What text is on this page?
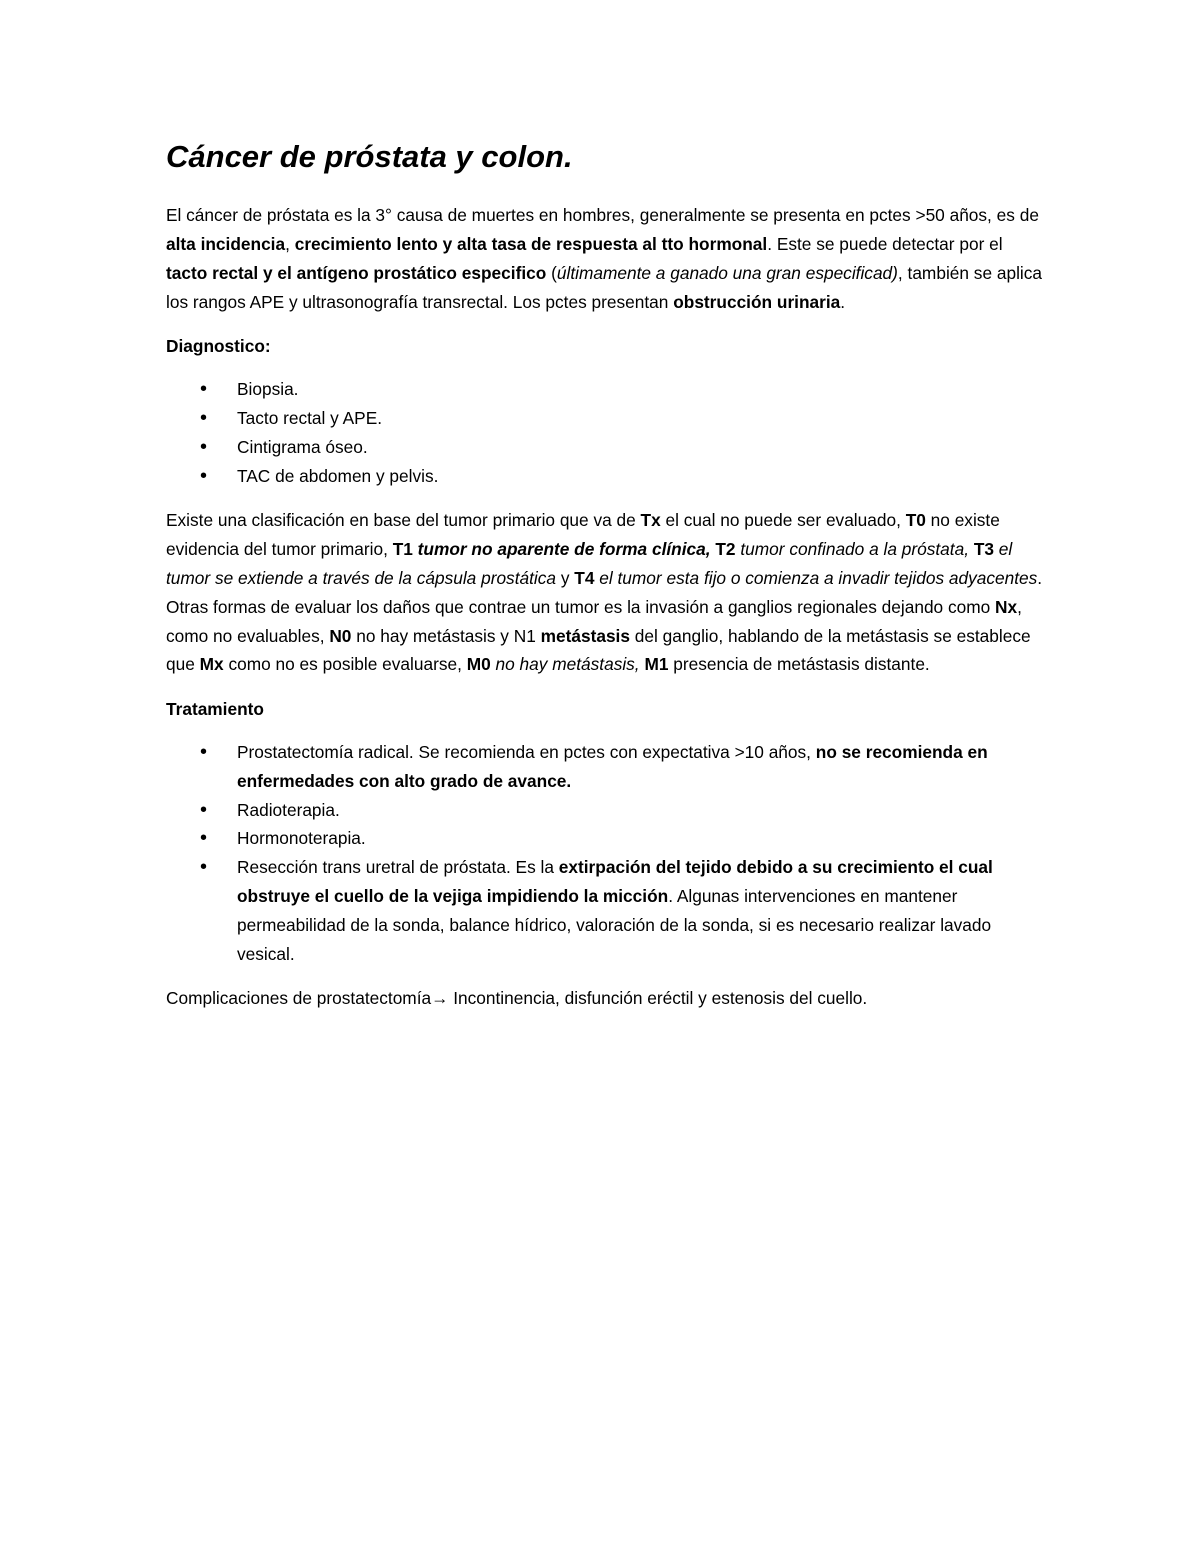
Cáncer de próstata y colon.

El cáncer de próstata es la 3° causa de muertes en hombres, generalmente se presenta en pctes >50 años, es de alta incidencia, crecimiento lento y alta tasa de respuesta al tto hormonal. Este se puede detectar por el tacto rectal y el antígeno prostático especifico (últimamente a ganado una gran especificad), también se aplica los rangos APE y ultrasonografía transrectal. Los pctes presentan obstrucción urinaria.

Diagnostico:

• Biopsia.
• Tacto rectal y APE.
• Cintigrama óseo.
• TAC de abdomen y pelvis.

Existe una clasificación en base del tumor primario que va de Tx el cual no puede ser evaluado, T0 no existe evidencia del tumor primario, T1 tumor no aparente de forma clínica, T2 tumor confinado a la próstata, T3 el tumor se extiende a través de la cápsula prostática y T4 el tumor esta fijo o comienza a invadir tejidos adyacentes. Otras formas de evaluar los daños que contrae un tumor es la invasión a ganglios regionales dejando como Nx, como no evaluables, N0 no hay metástasis y N1 metástasis del ganglio, hablando de la metástasis se establece que Mx como no es posible evaluarse, M0 no hay metástasis, M1 presencia de metástasis distante.

Tratamiento

• Prostatectomía radical. Se recomienda en pctes con expectativa >10 años, no se recomienda en enfermedades con alto grado de avance.
• Radioterapia.
• Hormonoterapia.
• Resección trans uretral de próstata. Es la extirpación del tejido debido a su crecimiento el cual obstruye el cuello de la vejiga impidiendo la micción. Algunas intervenciones en mantener permeabilidad de la sonda, balance hídrico, valoración de la sonda, si es necesario realizar lavado vesical.

Complicaciones de prostatectomía→ Incontinencia, disfunción eréctil y estenosis del cuello.
